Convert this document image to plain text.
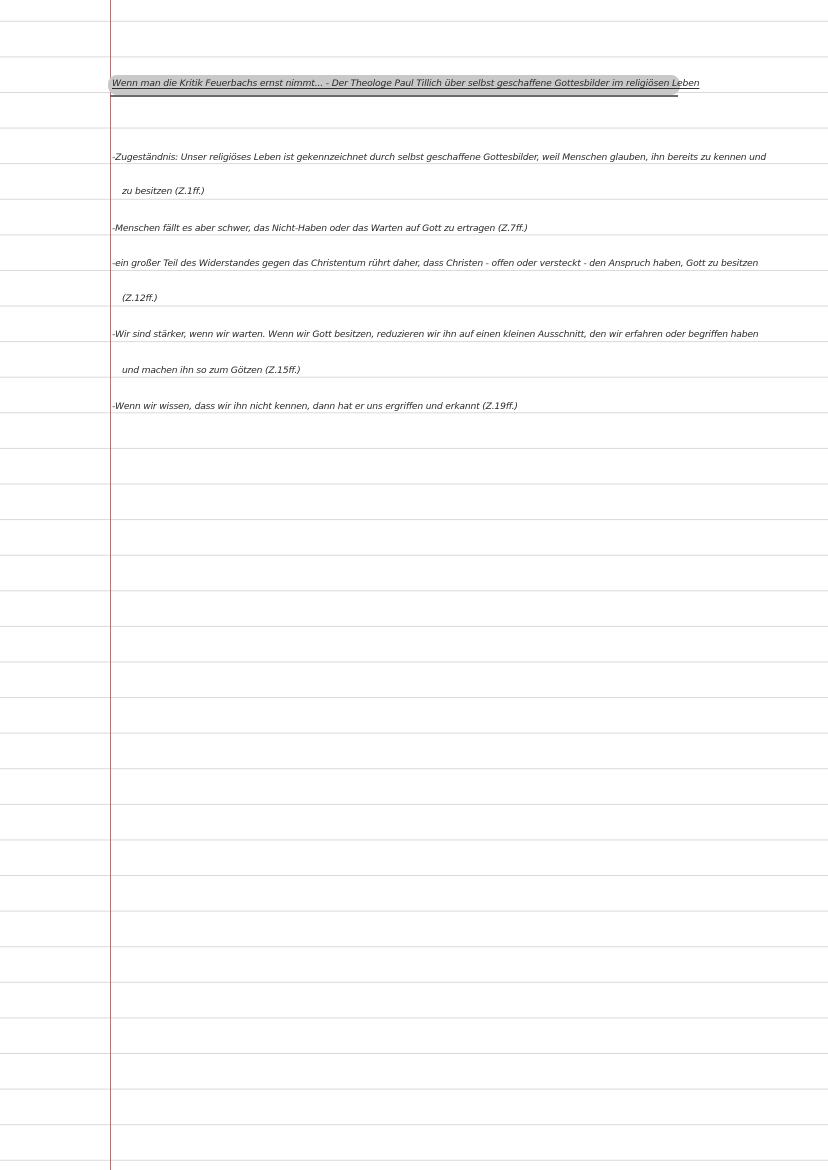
Wenn man die Kritik Feuerbachs ernst nimmt... - Der Theologe Paul Tillich über selbst geschaffene Gottesbilder im religiösen Leben
-Zugeständnis: Unser religiöses Leben ist gekennzeichnet durch selbst geschaffene Gottesbilder, weil Menschen glauben, ihn bereits zu kennen und
zu besitzen (Z.1ff.)
-Menschen fällt es aber schwer, das Nicht-Haben oder das Warten auf Gott zu ertragen (Z.7ff.)
-ein großer Teil des Widerstandes gegen das Christentum rührt daher, dass Christen - offen oder versteckt - den Anspruch haben, Gott zu besitzen
(Z.12ff.)
-Wir sind stärker, wenn wir warten. Wenn wir Gott besitzen, reduzieren wir ihn auf einen kleinen Ausschnitt, den wir erfahren oder begriffen haben
und machen ihn so zum Götzen (Z.15ff.)
-Wenn wir wissen, dass wir ihn nicht kennen, dann hat er uns ergriffen und erkannt (Z.19ff.)
